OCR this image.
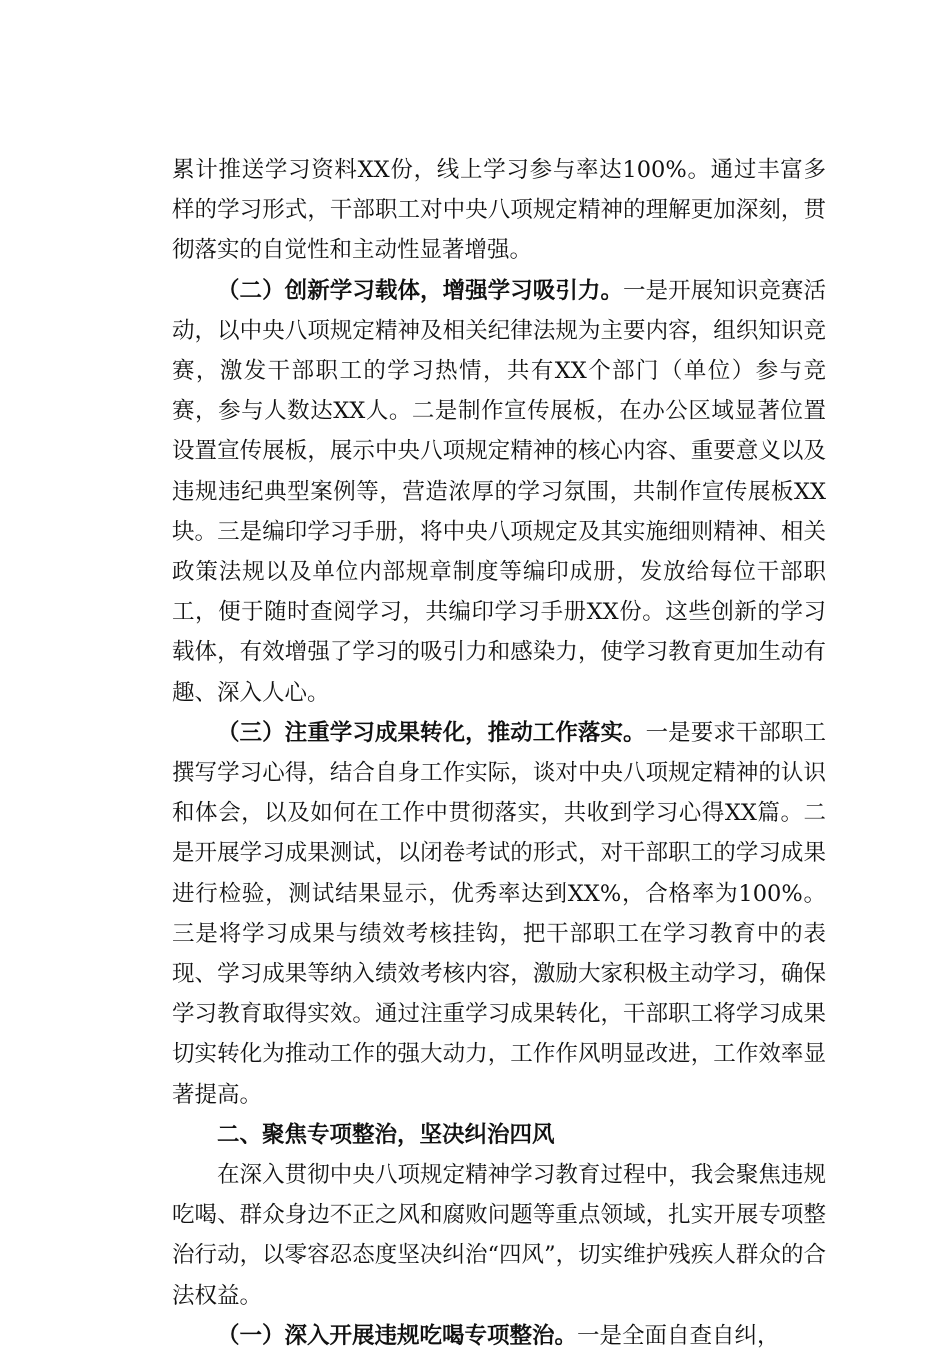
累计推送学习资料XX份，线上学习参与率达100%。通过丰富多样的学习形式，干部职工对中央八项规定精神的理解更加深刻，贯彻落实的自觉性和主动性显著增强。

（二）创新学习载体，增强学习吸引力。一是开展知识竞赛活动，以中央八项规定精神及相关纪律法规为主要内容，组织知识竞赛，激发干部职工的学习热情，共有XX个部门（单位）参与竞赛，参与人数达XX人。二是制作宣传展板，在办公区域显著位置设置宣传展板，展示中央八项规定精神的核心内容、重要意义以及违规违纪典型案例等，营造浓厚的学习氛围，共制作宣传展板XX块。三是编印学习手册，将中央八项规定及其实施细则精神、相关政策法规以及单位内部规章制度等编印成册，发放给每位干部职工，便于随时查阅学习，共编印学习手册XX份。这些创新的学习载体，有效增强了学习的吸引力和感染力，使学习教育更加生动有趣、深入人心。

（三）注重学习成果转化，推动工作落实。一是要求干部职工撰写学习心得，结合自身工作实际，谈对中央八项规定精神的认识和体会，以及如何在工作中贯彻落实，共收到学习心得XX篇。二是开展学习成果测试，以闭卷考试的形式，对干部职工的学习成果进行检验，测试结果显示，优秀率达到XX%，合格率为100%。三是将学习成果与绩效考核挂钩，把干部职工在学习教育中的表现、学习成果等纳入绩效考核内容，激励大家积极主动学习，确保学习教育取得实效。通过注重学习成果转化，干部职工将学习成果切实转化为推动工作的强大动力，工作作风明显改进，工作效率显著提高。

二、聚焦专项整治，坚决纠治四风

在深入贯彻中央八项规定精神学习教育过程中，我会聚焦违规吃喝、群众身边不正之风和腐败问题等重点领域，扎实开展专项整治行动，以零容忍态度坚决纠治“四风”，切实维护残疾人群众的合法权益。

（一）深入开展违规吃喝专项整治。一是全面自查自纠，
